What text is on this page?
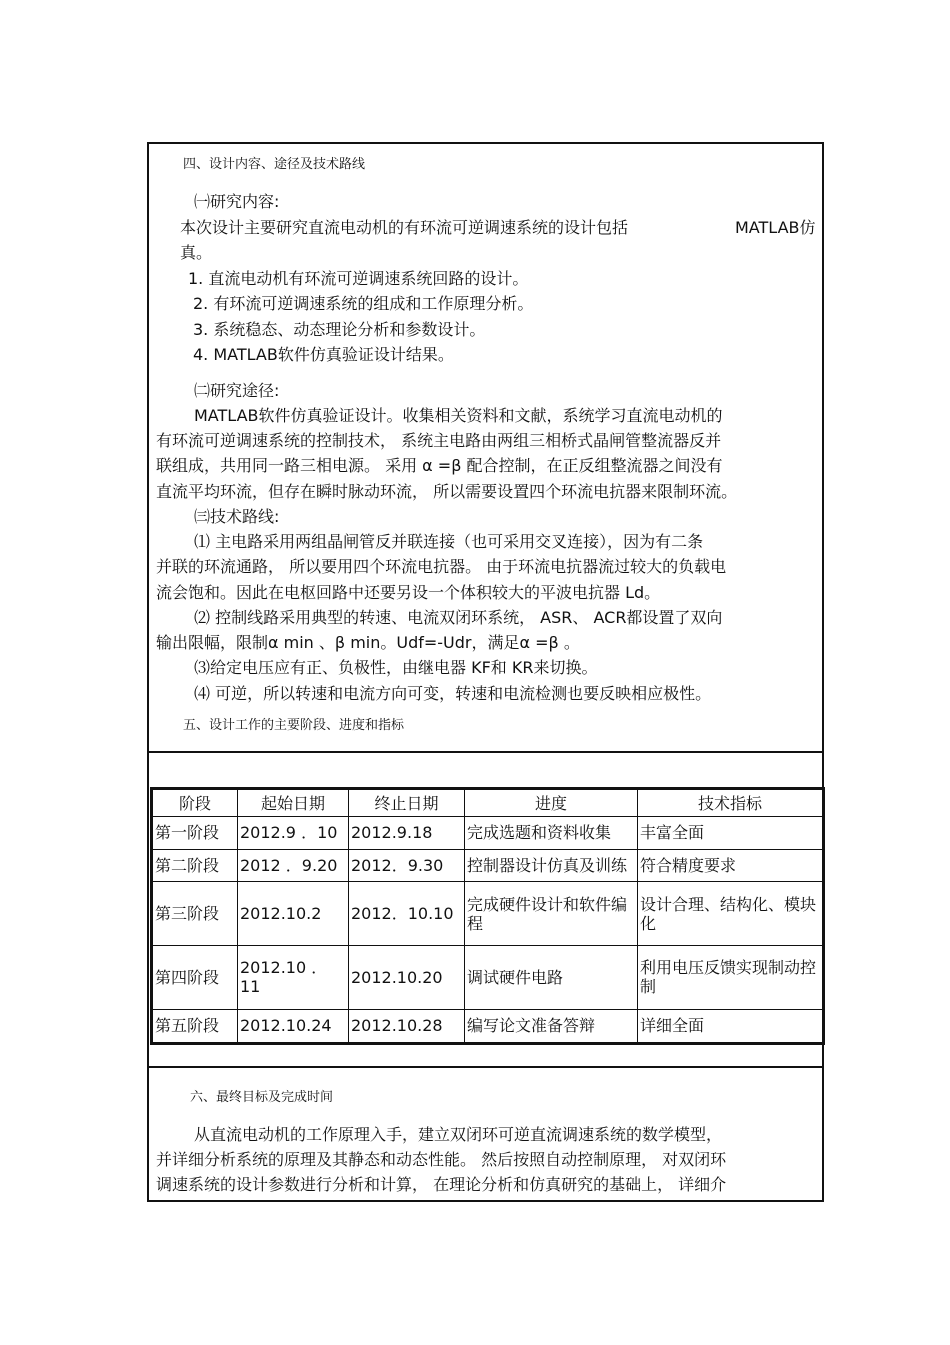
四、设计内容、途径及技术路线
㈠研究内容:
本次设计主要研究直流电动机的有环流可逆调速系统的设计包括	MATLAB仿
真。
1. 直流电动机有环流可逆调速系统回路的设计。
2. 有环流可逆调速系统的组成和工作原理分析。
3. 系统稳态、动态理论分析和参数设计。
4. MATLAB软件仿真验证设计结果。
㈡研究途径:
MATLAB软件仿真验证设计。收集相关资料和文献，系统学习直流电动机的
有环流可逆调速系统的控制技术， 系统主电路由两组三相桥式晶闸管整流器反并
联组成，共用同一路三相电源。 采用 α =β 配合控制，在正反组整流器之间没有
直流平均环流，但存在瞬时脉动环流， 所以需要设置四个环流电抗器来限制环流。
㈢技术路线:
⑴ 主电路采用两组晶闸管反并联连接（也可采用交叉连接），因为有二条
并联的环流通路， 所以要用四个环流电抗器。 由于环流电抗器流过较大的负载电
流会饱和。因此在电枢回路中还要另设一个体积较大的平波电抗器 Ld。
⑵ 控制线路采用典型的转速、电流双闭环系统， ASR、 ACR都设置了双向
输出限幅，限制α min 、β min。Udf=-Udr，满足α =β 。
⑶给定电压应有正、负极性，由继电器 KF和 KR来切换。
⑷ 可逆，所以转速和电流方向可变，转速和电流检测也要反映相应极性。
五、设计工作的主要阶段、进度和指标
阶段	起始日期	终止日期	进度	技术指标
第一阶段	2012.9 ．10	2012.9.18	完成选题和资料收集	丰富全面
第二阶段	2012 ．9.20	2012．9.30	控制器设计仿真及训练	符合精度要求
第三阶段	2012.10.2	2012．10.10	完成硬件设计和软件编程	设计合理、结构化、模块化
第四阶段	2012.10 ．11	2012.10.20	调试硬件电路	利用电压反馈实现制动控制
第五阶段	2012.10.24	2012.10.28	编写论文准备答辩	详细全面
六、最终目标及完成时间
从直流电动机的工作原理入手，建立双闭环可逆直流调速系统的数学模型，
并详细分析系统的原理及其静态和动态性能。 然后按照自动控制原理， 对双闭环
调速系统的设计参数进行分析和计算， 在理论分析和仿真研究的基础上， 详细介
